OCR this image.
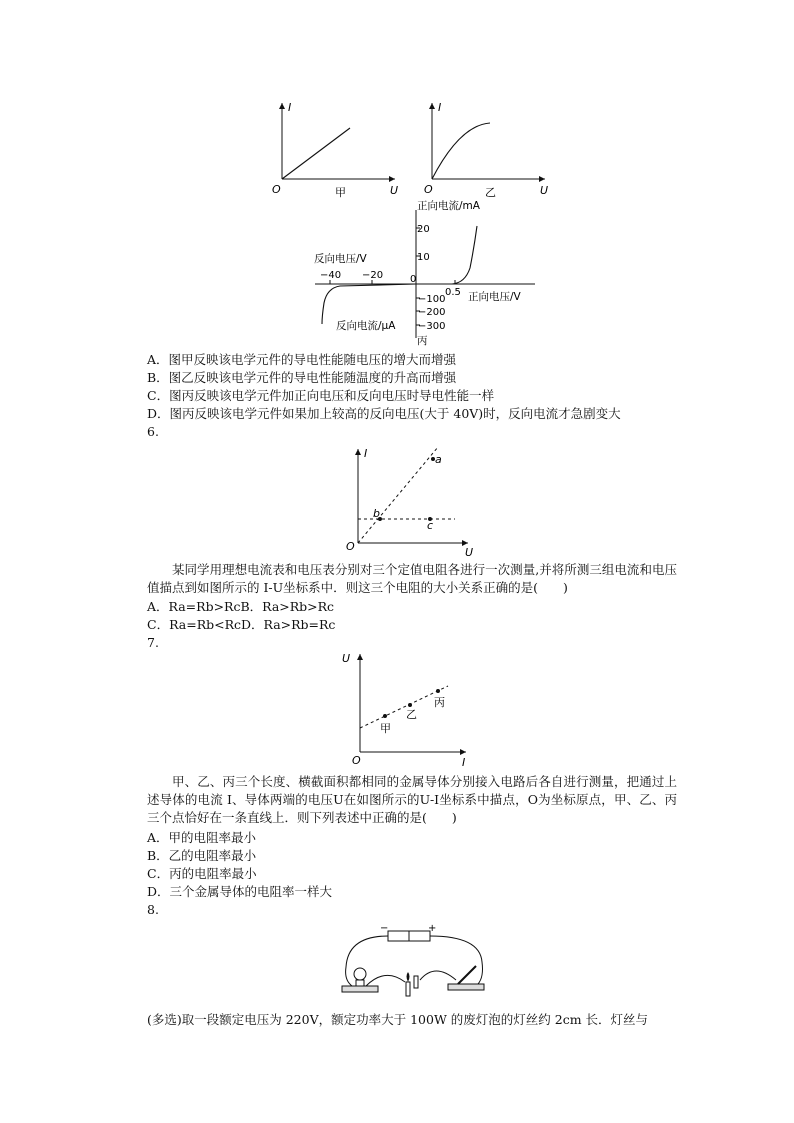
I
U
O	甲
I
U
O	乙
正向电流/mA
反向电压/V
正向电压/V
反向电流/μA
丙
20
10
0
−100
−200
−300
−40 −20
0.5
A．图甲反映该电学元件的导电性能随电压的增大而增强
B．图乙反映该电学元件的导电性能随温度的升高而增强
C．图丙反映该电学元件加正向电压和反向电压时导电性能一样
D．图丙反映该电学元件如果加上较高的反向电压(大于 40V)时，反向电流才急剧变大
6.
I
U
O
a
b
c
某同学用理想电流表和电压表分别对三个定值电阻各进行一次测量,并将所测三组电流和电压值描点到如图所示的 I-U坐标系中．则这三个电阻的大小关系正确的是(　　)
A．Ra=Rb>RcB．Ra>Rb>Rc
C．Ra=Rb<RcD．Ra>Rb=Rc
7.
U
I
O
甲
乙
丙
甲、乙、丙三个长度、横截面积都相同的金属导体分别接入电路后各自进行测量，把通过上述导体的电流 I、导体两端的电压U在如图所示的U-I坐标系中描点，O为坐标原点，甲、乙、丙三个点恰好在一条直线上．则下列表述中正确的是(　　)
A．甲的电阻率最小
B．乙的电阻率最小
C．丙的电阻率最小
D．三个金属导体的电阻率一样大
8.
−	+
(多选)取一段额定电压为 220V，额定功率大于 100W 的废灯泡的灯丝约 2cm 长．灯丝与
